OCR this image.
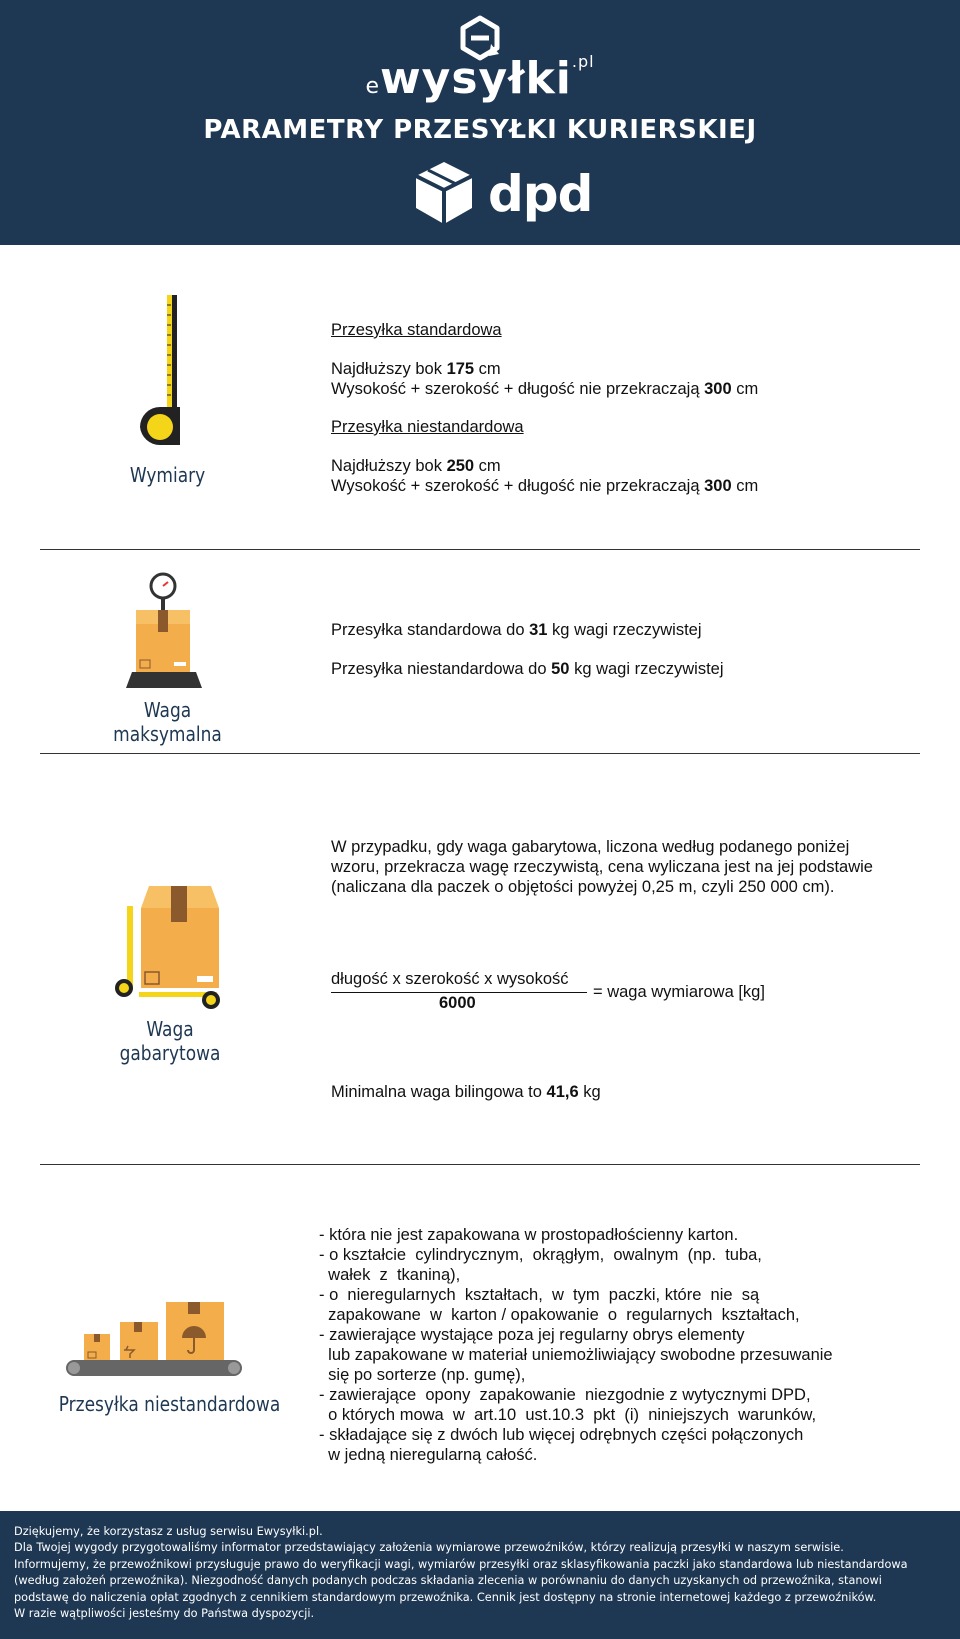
ewysyłki$^{.pl}$
PARAMETRY PRZESYŁKI KURIERSKIEJ
dpd
Wymiary

Przesyłka standardowa

Najdłuższy bok 175 cm

Wysokość + szerokość + długość nie przekraczają 300 cm

Przesyłka niestandardowa

Najdłuższy bok 250 cm

Wysokość + szerokość + długość nie przekraczają 300 cm

Waga maksymalna

Przesyłka standardowa do 31 kg wagi rzeczywistej

Przesyłka niestandardowa do 50 kg wagi rzeczywistej

Waga gabarytowa

W przypadku, gdy waga gabarytowa, liczona według podanego poniżej

wzoru, przekracza wagę rzeczywistą, cena wyliczana jest na jej podstawie

(naliczana dla paczek o objętości powyżej 0,25 m, czyli 250 000 cm).

długość x szerokość x wysokość
6000
= waga wymiarowa [kg]

Minimalna waga bilingowa to 41,6 kg

Przesyłka niestandardowa
- która nie jest zapakowana w prostopadłościenny karton.
- o kształcie  cylindrycznym,  okrągłym,  owalnym  (np.  tuba,
wałek  z  tkaniną),
- o  nieregularnych  kształtach,  w  tym  paczki, które  nie  są
zapakowane  w  karton / opakowanie  o  regularnych  kształtach,
- zawierające wystające poza jej regularny obrys elementy
lub zapakowane w materiał uniemożliwiający swobodne przesuwanie
się po sorterze (np. gumę),
- zawierające  opony  zapakowanie  niezgodnie z wytycznymi DPD,
o których mowa  w  art.10  ust.10.3  pkt  (i)  niniejszych  warunków,
- składające się z dwóch lub więcej odrębnych części połączonych
w jedną nieregularną całość.
Dziękujemy, że korzystasz z usług serwisu Ewysyłki.pl.
Dla Twojej wygody przygotowaliśmy informator przedstawiający założenia wymiarowe przewoźników, którzy realizują przesyłki w naszym serwisie.
Informujemy, że przewoźnikowi przysługuje prawo do weryfikacji wagi, wymiarów przesyłki oraz sklasyfikowania paczki jako standardowa lub niestandardowa
(według założeń przewoźnika). Niezgodność danych podanych podczas składania zlecenia w porównaniu do danych uzyskanych od przewoźnika, stanowi
podstawę do naliczenia opłat zgodnych z cennikiem standardowym przewoźnika. Cennik jest dostępny na stronie internetowej każdego z przewoźników.
W razie wątpliwości jesteśmy do Państwa dyspozycji.
